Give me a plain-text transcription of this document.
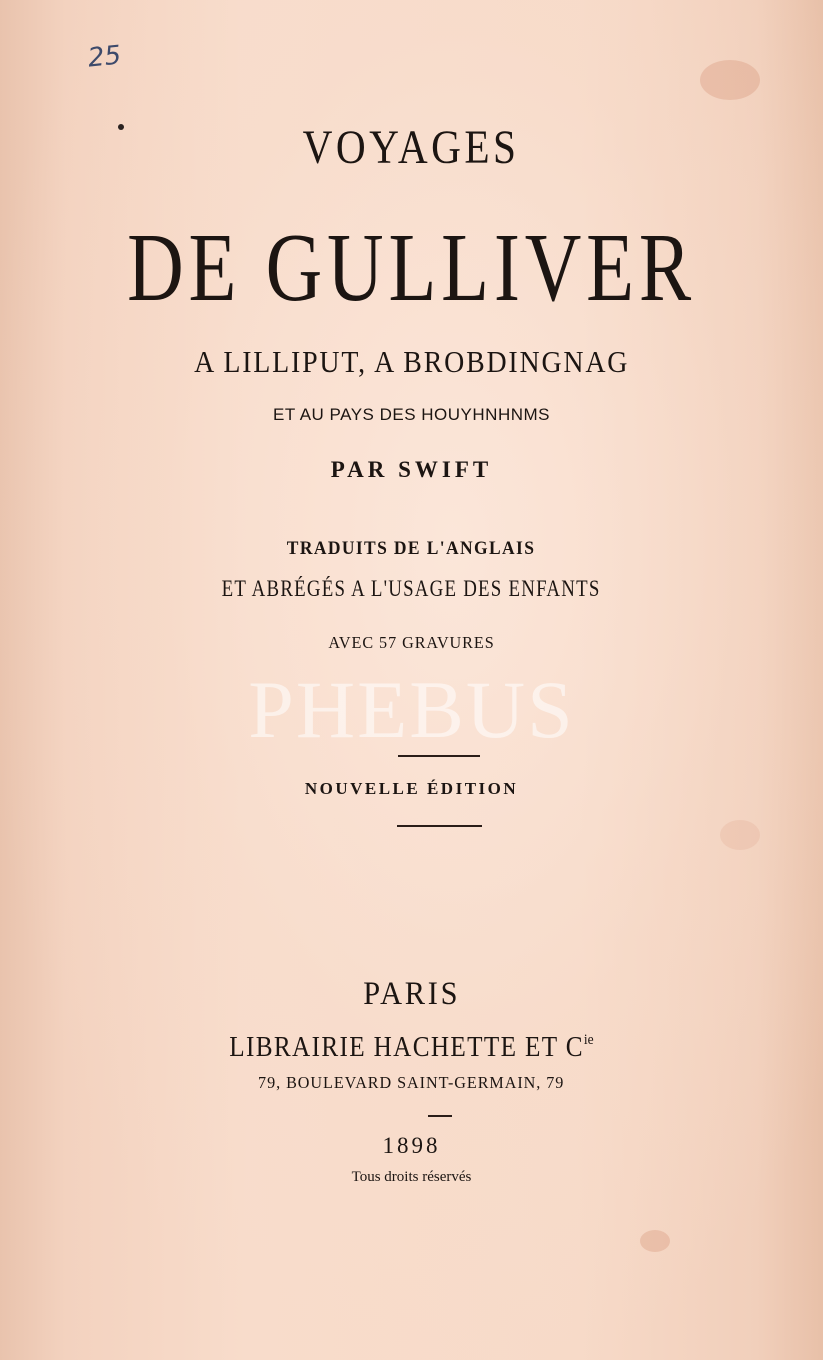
25
VOYAGES
DE GULLIVER
A LILLIPUT, A BROBDINGNAG
ET AU PAYS DES HOUYHNHNMS
PAR SWIFT
TRADUITS DE L'ANGLAIS
ET ABRÉGÉS A L'USAGE DES ENFANTS
AVEC 57 GRAVURES
PHEBUS
NOUVELLE ÉDITION
PARIS
LIBRAIRIE HACHETTE ET $C^{ie}$
79, BOULEVARD SAINT-GERMAIN, 79
1898
Tous droits réservés
